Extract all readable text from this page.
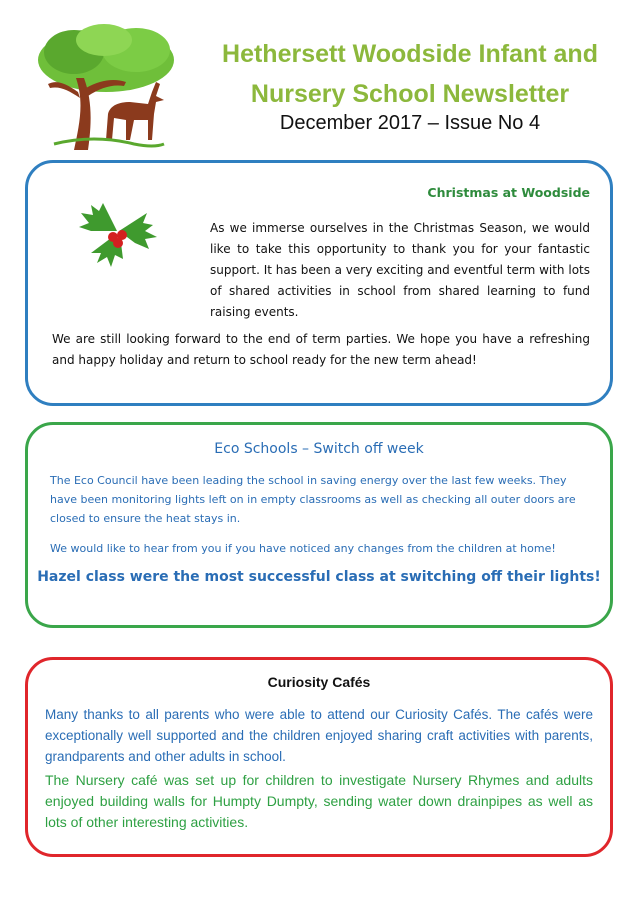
Hethersett Woodside Infant and Nursery School Newsletter
December 2017 – Issue No 4
Christmas at Woodside
As we immerse ourselves in the Christmas Season, we would like to take this opportunity to thank you for your fantastic support. It has been a very exciting and eventful term with lots of shared activities in school from shared learning to fund raising events.
We are still looking forward to the end of term parties. We hope you have a refreshing and happy holiday and return to school ready for the new term ahead!
Eco Schools – Switch off week
The Eco Council have been leading the school in saving energy over the last few weeks. They have been monitoring lights left on in empty classrooms as well as checking all outer doors are closed to ensure the heat stays in.
We would like to hear from you if you have noticed any changes from the children at home!
Hazel class were the most successful class at switching off their lights!
Curiosity Cafés
Many thanks to all parents who were able to attend our Curiosity Cafés. The cafés were exceptionally well supported and the children enjoyed sharing craft activities with parents, grandparents and other adults in school.
The Nursery café was set up for children to investigate Nursery Rhymes and adults enjoyed building walls for Humpty Dumpty, sending water down drainpipes as well as lots of other interesting activities.
